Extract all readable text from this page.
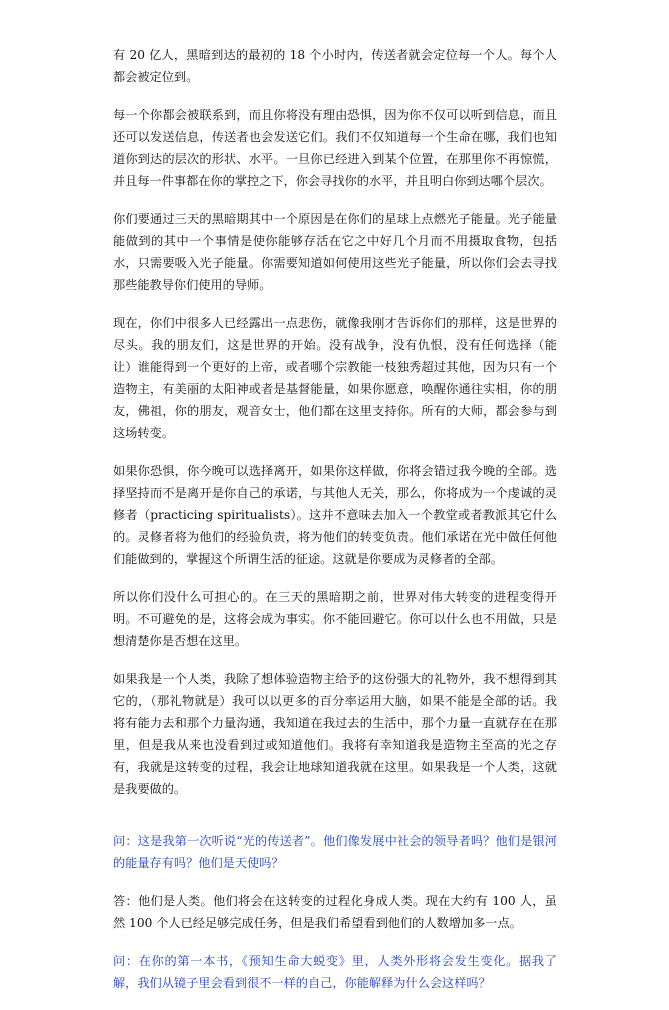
有 20 亿人，黑暗到达的最初的 18 个小时内，传送者就会定位每一个人。每个人都会被定位到。

每一个你都会被联系到，而且你将没有理由恐惧，因为你不仅可以听到信息，而且还可以发送信息，传送者也会发送它们。我们不仅知道每一个生命在哪，我们也知道你到达的层次的形状、水平。一旦你已经进入到某个位置，在那里你不再惊慌，并且每一件事都在你的掌控之下，你会寻找你的水平，并且明白你到达哪个层次。

你们要通过三天的黑暗期其中一个原因是在你们的星球上点燃光子能量。光子能量能做到的其中一个事情是使你能够存活在它之中好几个月而不用摄取食物，包括水，只需要吸入光子能量。你需要知道如何使用这些光子能量，所以你们会去寻找那些能教导你们使用的导师。

现在，你们中很多人已经露出一点悲伤，就像我刚才告诉你们的那样，这是世界的尽头。我的朋友们，这是世界的开始。没有战争，没有仇恨，没有任何选择（能让）谁能得到一个更好的上帝，或者哪个宗教能一枝独秀超过其他，因为只有一个造物主，有美丽的太阳神或者是基督能量，如果你愿意，唤醒你通往实相，你的朋友，佛祖，你的朋友，观音女士，他们都在这里支持你。所有的大师，都会参与到这场转变。

如果你恐惧，你今晚可以选择离开，如果你这样做，你将会错过我今晚的全部。选择坚持而不是离开是你自己的承诺，与其他人无关，那么，你将成为一个虔诚的灵修者（practicing spiritualists）。这并不意味去加入一个教堂或者教派其它什么的。灵修者将为他们的经验负责，将为他们的转变负责。他们承诺在光中做任何他们能做到的，掌握这个所谓生活的征途。这就是你要成为灵修者的全部。

所以你们没什么可担心的。在三天的黑暗期之前，世界对伟大转变的进程变得开明。不可避免的是，这将会成为事实。你不能回避它。你可以什么也不用做，只是想清楚你是否想在这里。

如果我是一个人类，我除了想体验造物主给予的这份强大的礼物外，我不想得到其它的，（那礼物就是）我可以以更多的百分率运用大脑，如果不能是全部的话。我将有能力去和那个力量沟通，我知道在我过去的生活中，那个力量一直就存在在那里，但是我从来也没看到过或知道他们。我将有幸知道我是造物主至高的光之存有，我就是这转变的过程，我会让地球知道我就在这里。如果我是一个人类，这就是我要做的。

问：这是我第一次听说“光的传送者”。他们像发展中社会的领导者吗？他们是银河的能量存有吗？他们是天使吗？

答：他们是人类。他们将会在这转变的过程化身成人类。现在大约有 100 人，虽然 100 个人已经足够完成任务，但是我们希望看到他们的人数增加多一点。

问：在你的第一本书，《预知生命大蜕变》里，人类外形将会发生变化。据我了解，我们从镜子里会看到很不一样的自己，你能解释为什么会这样吗？
